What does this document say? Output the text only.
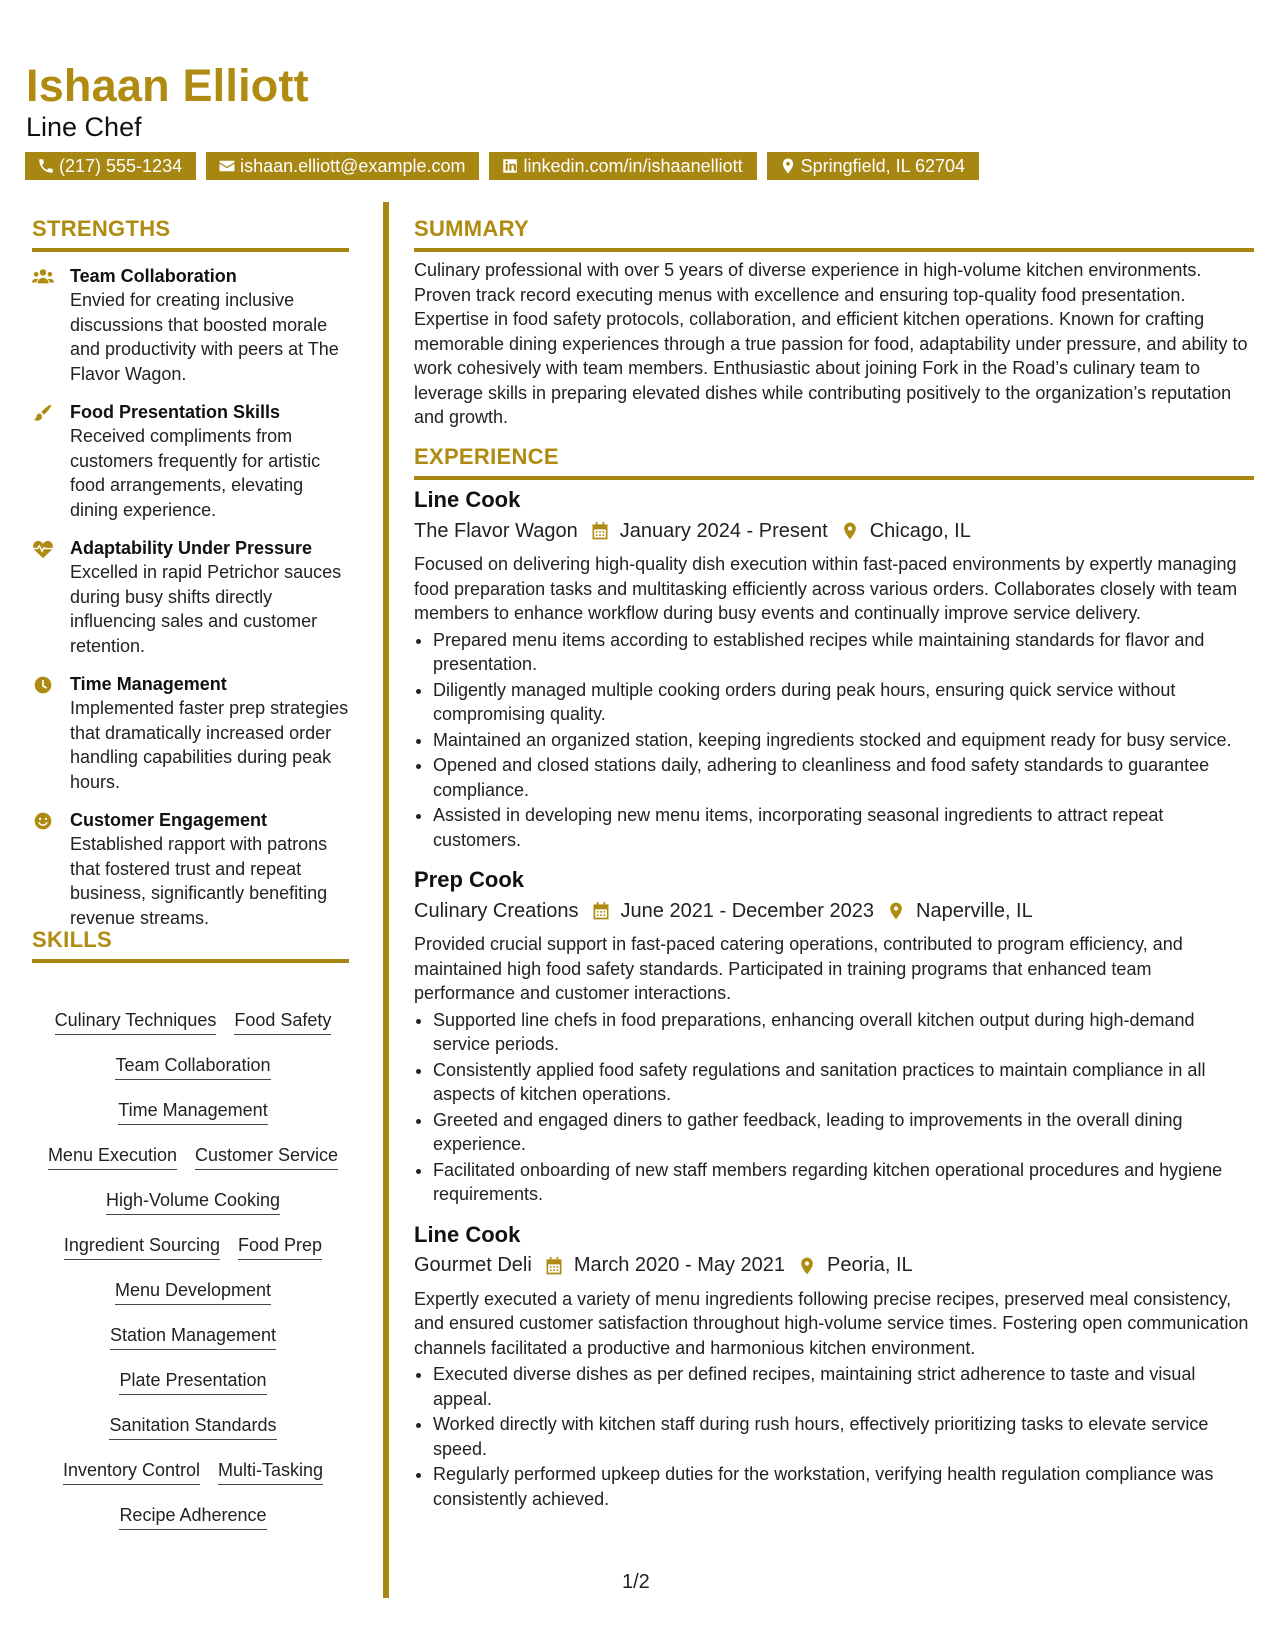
Ishaan Elliott
Line Chef
(217) 555-1234	ishaan.elliott@example.com	linkedin.com/in/ishaanelliott	Springfield, IL 62704
STRENGTHS
Team Collaboration
Envied for creating inclusive discussions that boosted morale and productivity with peers at The Flavor Wagon.
Food Presentation Skills
Received compliments from customers frequently for artistic food arrangements, elevating dining experience.
Adaptability Under Pressure
Excelled in rapid Petrichor sauces during busy shifts directly influencing sales and customer retention.
Time Management
Implemented faster prep strategies that dramatically increased order handling capabilities during peak hours.
Customer Engagement
Established rapport with patrons that fostered trust and repeat business, significantly benefiting revenue streams.
SKILLS
Culinary Techniques Food Safety
Team Collaboration
Time Management
Menu Execution Customer Service
High-Volume Cooking
Ingredient Sourcing Food Prep
Menu Development
Station Management
Plate Presentation
Sanitation Standards
Inventory Control Multi-Tasking
Recipe Adherence
SUMMARY
Culinary professional with over 5 years of diverse experience in high-volume kitchen environments. Proven track record executing menus with excellence and ensuring top-quality food presentation. Expertise in food safety protocols, collaboration, and efficient kitchen operations. Known for crafting memorable dining experiences through a true passion for food, adaptability under pressure, and ability to work cohesively with team members. Enthusiastic about joining Fork in the Road’s culinary team to leverage skills in preparing elevated dishes while contributing positively to the organization’s reputation and growth.
EXPERIENCE
Line Cook
The Flavor Wagon January 2024 - Present Chicago, IL
Focused on delivering high-quality dish execution within fast-paced environments by expertly managing food preparation tasks and multitasking efficiently across various orders. Collaborates closely with team members to enhance workflow during busy events and continually improve service delivery.
• Prepared menu items according to established recipes while maintaining standards for flavor and presentation.
• Diligently managed multiple cooking orders during peak hours, ensuring quick service without compromising quality.
• Maintained an organized station, keeping ingredients stocked and equipment ready for busy service.
• Opened and closed stations daily, adhering to cleanliness and food safety standards to guarantee compliance.
• Assisted in developing new menu items, incorporating seasonal ingredients to attract repeat customers.
Prep Cook
Culinary Creations June 2021 - December 2023 Naperville, IL
Provided crucial support in fast-paced catering operations, contributed to program efficiency, and maintained high food safety standards. Participated in training programs that enhanced team performance and customer interactions.
• Supported line chefs in food preparations, enhancing overall kitchen output during high-demand service periods.
• Consistently applied food safety regulations and sanitation practices to maintain compliance in all aspects of kitchen operations.
• Greeted and engaged diners to gather feedback, leading to improvements in the overall dining experience.
• Facilitated onboarding of new staff members regarding kitchen operational procedures and hygiene requirements.
Line Cook
Gourmet Deli March 2020 - May 2021 Peoria, IL
Expertly executed a variety of menu ingredients following precise recipes, preserved meal consistency, and ensured customer satisfaction throughout high-volume service times. Fostering open communication channels facilitated a productive and harmonious kitchen environment.
• Executed diverse dishes as per defined recipes, maintaining strict adherence to taste and visual appeal.
• Worked directly with kitchen staff during rush hours, effectively prioritizing tasks to elevate service speed.
• Regularly performed upkeep duties for the workstation, verifying health regulation compliance was consistently achieved.
1/2
